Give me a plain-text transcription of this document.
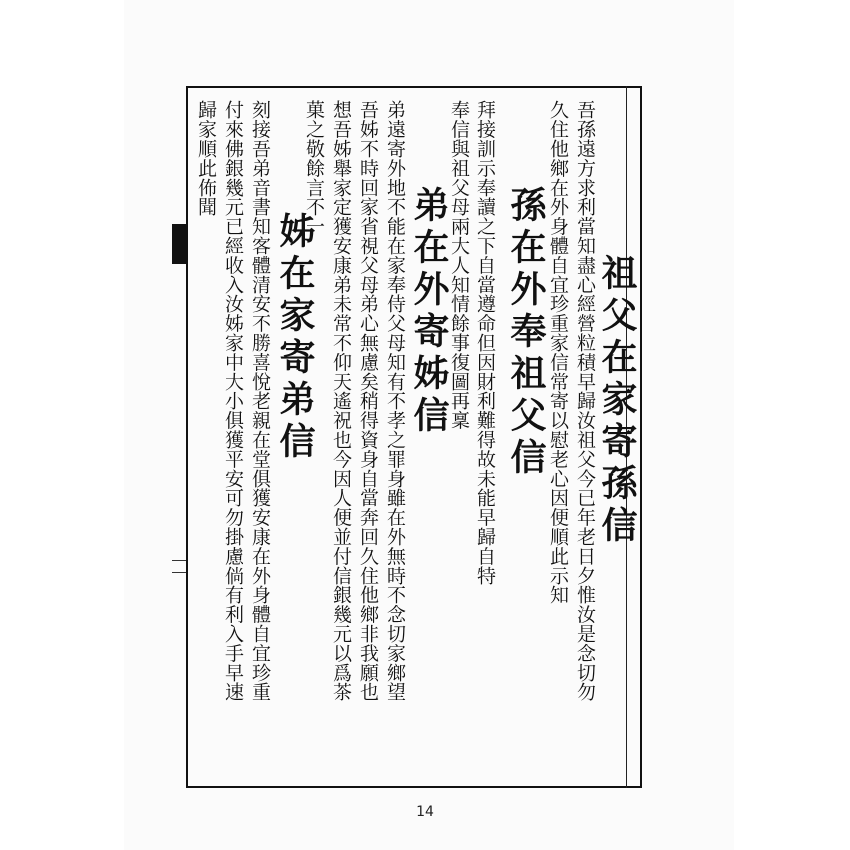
祖父在家寄孫信
吾孫遠方求利當知盡心經營粒積早歸汝祖父今已年老日夕惟汝是念切勿
久住他鄉在外身體自宜珍重家信常寄以慰老心因便順此示知
孫在外奉祖父信
拜接訓示奉讀之下自當遵命但因財利難得故未能早歸自特
奉信與祖父母兩大人知情餘事復圖再稟
弟在外寄姊信
弟遠寄外地不能在家奉侍父母知有不孝之罪身雖在外無時不念切家鄉望
吾姊不時回家省視父母弟心無慮矣稍得資身自當奔回久住他鄉非我願也
想吾姊舉家定獲安康弟未常不仰天遙祝也今因人便並付信銀幾元以爲茶
菓之敬餘言不一
姊在家寄弟信
刻接吾弟音書知客體清安不勝喜悅老親在堂俱獲安康在外身體自宜珍重
付來佛銀幾元已經收入汝姊家中大小俱獲平安可勿掛慮倘有利入手早速
歸家順此佈聞
14
